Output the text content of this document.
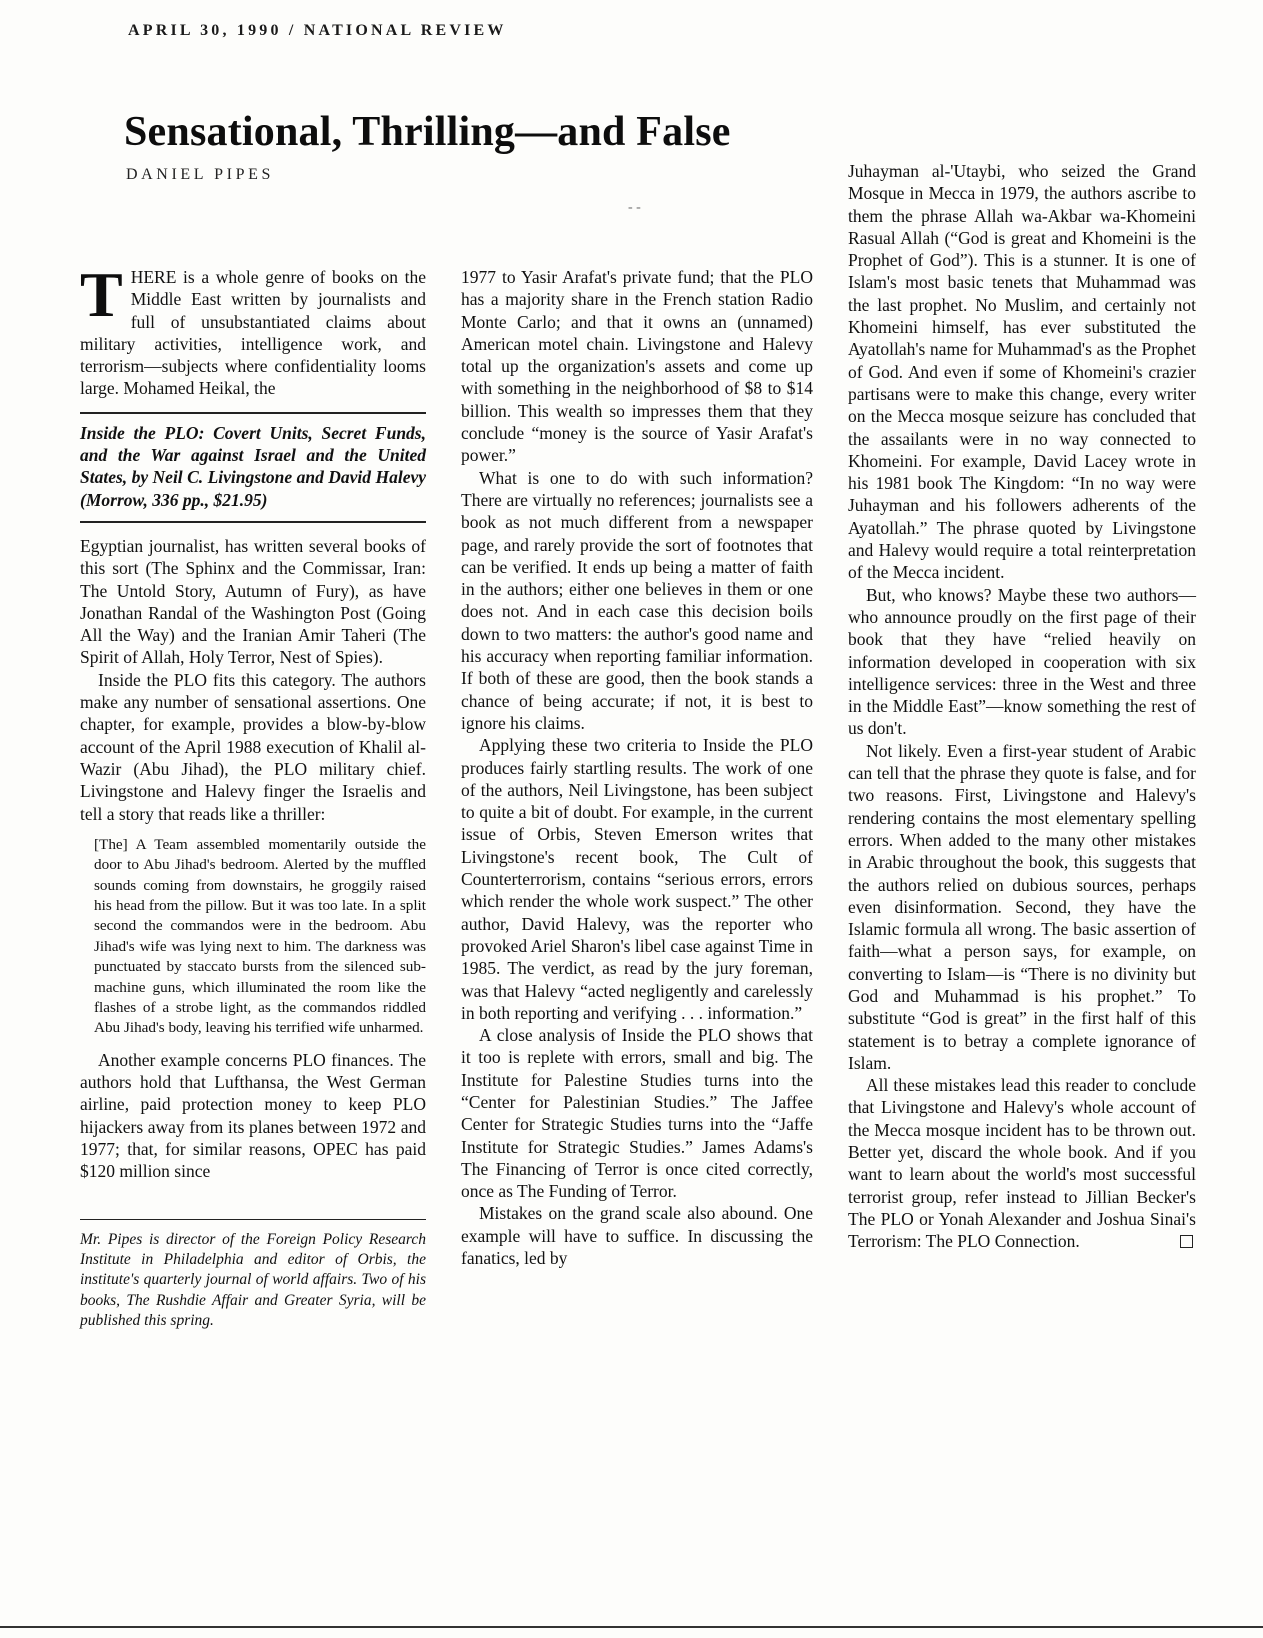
APRIL 30, 1990 / NATIONAL REVIEW
Sensational, Thrilling—and False
DANIEL PIPES
- -

THERE is a whole genre of books on the Middle East written by journalists and full of unsubstantiated claims about military activities, intelligence work, and terrorism—subjects where confidentiality looms large. Mohamed Heikal, the

Inside the PLO: Covert Units, Secret Funds, and the War against Israel and the United States, by Neil C. Livingstone and David Halevy (Morrow, 336 pp., $21.95)

Egyptian journalist, has written several books of this sort (The Sphinx and the Commissar, Iran: The Untold Story, Autumn of Fury), as have Jonathan Randal of the Washington Post (Going All the Way) and the Iranian Amir Taheri (The Spirit of Allah, Holy Terror, Nest of Spies).

Inside the PLO fits this category. The authors make any number of sensational assertions. One chapter, for example, provides a blow-by-blow account of the April 1988 execution of Khalil al-Wazir (Abu Jihad), the PLO military chief. Livingstone and Halevy finger the Israelis and tell a story that reads like a thriller:

[The] A Team assembled momentarily outside the door to Abu Jihad's bedroom. Alerted by the muffled sounds coming from downstairs, he groggily raised his head from the pillow. But it was too late. In a split second the commandos were in the bedroom. Abu Jihad's wife was lying next to him. The darkness was punctuated by staccato bursts from the silenced sub-machine guns, which illuminated the room like the flashes of a strobe light, as the commandos riddled Abu Jihad's body, leaving his terrified wife unharmed.

Another example concerns PLO finances. The authors hold that Lufthansa, the West German airline, paid protection money to keep PLO hijackers away from its planes between 1972 and 1977; that, for similar reasons, OPEC has paid $120 million since

Mr. Pipes is director of the Foreign Policy Research Institute in Philadelphia and editor of Orbis, the institute's quarterly journal of world affairs. Two of his books, The Rushdie Affair and Greater Syria, will be published this spring.

1977 to Yasir Arafat's private fund; that the PLO has a majority share in the French station Radio Monte Carlo; and that it owns an (unnamed) American motel chain. Livingstone and Halevy total up the organization's assets and come up with something in the neighborhood of $8 to $14 billion. This wealth so impresses them that they conclude “money is the source of Yasir Arafat's power.”

What is one to do with such information? There are virtually no references; journalists see a book as not much different from a newspaper page, and rarely provide the sort of footnotes that can be verified. It ends up being a matter of faith in the authors; either one believes in them or one does not. And in each case this decision boils down to two matters: the author's good name and his accuracy when reporting familiar information. If both of these are good, then the book stands a chance of being accurate; if not, it is best to ignore his claims.

Applying these two criteria to Inside the PLO produces fairly startling results. The work of one of the authors, Neil Livingstone, has been subject to quite a bit of doubt. For example, in the current issue of Orbis, Steven Emerson writes that Livingstone's recent book, The Cult of Counterterrorism, contains “serious errors, errors which render the whole work suspect.” The other author, David Halevy, was the reporter who provoked Ariel Sharon's libel case against Time in 1985. The verdict, as read by the jury foreman, was that Halevy “acted negligently and carelessly in both reporting and verifying . . . information.”

A close analysis of Inside the PLO shows that it too is replete with errors, small and big. The Institute for Palestine Studies turns into the “Center for Palestinian Studies.” The Jaffee Center for Strategic Studies turns into the “Jaffe Institute for Strategic Studies.” James Adams's The Financing of Terror is once cited correctly, once as The Funding of Terror.

Mistakes on the grand scale also abound. One example will have to suffice. In discussing the fanatics, led by

Juhayman al-'Utaybi, who seized the Grand Mosque in Mecca in 1979, the authors ascribe to them the phrase Allah wa-Akbar wa-Khomeini Rasual Allah (“God is great and Khomeini is the Prophet of God”). This is a stunner. It is one of Islam's most basic tenets that Muhammad was the last prophet. No Muslim, and certainly not Khomeini himself, has ever substituted the Ayatollah's name for Muhammad's as the Prophet of God. And even if some of Khomeini's crazier partisans were to make this change, every writer on the Mecca mosque seizure has concluded that the assailants were in no way connected to Khomeini. For example, David Lacey wrote in his 1981 book The Kingdom: “In no way were Juhayman and his followers adherents of the Ayatollah.” The phrase quoted by Livingstone and Halevy would require a total reinterpretation of the Mecca incident.

But, who knows? Maybe these two authors—who announce proudly on the first page of their book that they have “relied heavily on information developed in cooperation with six intelligence services: three in the West and three in the Middle East”—know something the rest of us don't.

Not likely. Even a first-year student of Arabic can tell that the phrase they quote is false, and for two reasons. First, Livingstone and Halevy's rendering contains the most elementary spelling errors. When added to the many other mistakes in Arabic throughout the book, this suggests that the authors relied on dubious sources, perhaps even disinformation. Second, they have the Islamic formula all wrong. The basic assertion of faith—what a person says, for example, on converting to Islam—is “There is no divinity but God and Muhammad is his prophet.” To substitute “God is great” in the first half of this statement is to betray a complete ignorance of Islam.

All these mistakes lead this reader to conclude that Livingstone and Halevy's whole account of the Mecca mosque incident has to be thrown out. Better yet, discard the whole book. And if you want to learn about the world's most successful terrorist group, refer instead to Jillian Becker's The PLO or Yonah Alexander and Joshua Sinai's Terrorism: The PLO Connection.
